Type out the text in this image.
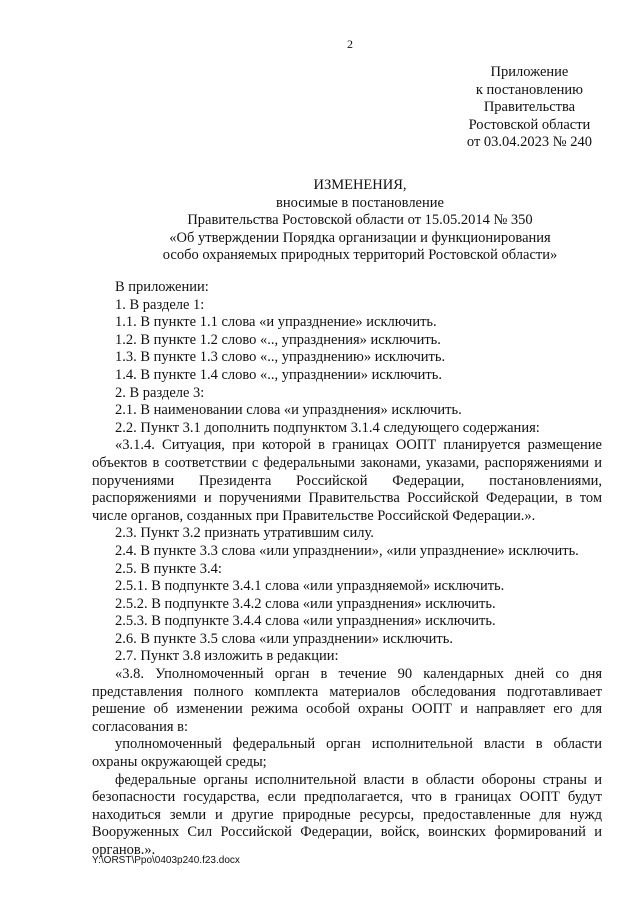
2
Приложение
к постановлению
Правительства
Ростовской области
от 03.04.2023 № 240
ИЗМЕНЕНИЯ,
вносимые в постановление
Правительства Ростовской области от 15.05.2014 № 350
«Об утверждении Порядка организации и функционирования
особо охраняемых природных территорий Ростовской области»

В приложении:

1. В разделе 1:

1.1. В пункте 1.1 слова «и упразднение» исключить.

1.2. В пункте 1.2 слово «.., упразднения» исключить.

1.3. В пункте 1.3 слово «.., упразднению» исключить.

1.4. В пункте 1.4 слово «.., упразднении» исключить.

2. В разделе 3:

2.1. В наименовании слова «и упразднения» исключить.

2.2. Пункт 3.1 дополнить подпунктом 3.1.4 следующего содержания:

«3.1.4. Ситуация, при которой в границах ООПТ планируется размещение объектов в соответствии с федеральными законами, указами, распоряжениями и поручениями Президента Российской Федерации, постановлениями, распоряжениями и поручениями Правительства Российской Федерации, в том числе органов, созданных при Правительстве Российской Федерации.».

2.3. Пункт 3.2 признать утратившим силу.

2.4. В пункте 3.3 слова «или упразднении», «или упразднение» исключить.

2.5. В пункте 3.4:

2.5.1. В подпункте 3.4.1 слова «или упраздняемой» исключить.

2.5.2. В подпункте 3.4.2 слова «или упразднения» исключить.

2.5.3. В подпункте 3.4.4 слова «или упразднения» исключить.

2.6. В пункте 3.5 слова «или упразднении» исключить.

2.7. Пункт 3.8 изложить в редакции:

«3.8. Уполномоченный орган в течение 90 календарных дней со дня представления полного комплекта материалов обследования подготавливает решение об изменении режима особой охраны ООПТ и направляет его для согласования в:

уполномоченный федеральный орган исполнительной власти в области охраны окружающей среды;

федеральные органы исполнительной власти в области обороны страны и безопасности государства, если предполагается, что в границах ООПТ будут находиться земли и другие природные ресурсы, предоставленные для нужд Вооруженных Сил Российской Федерации, войск, воинских формирований и органов.».

Y:\ORST\Ppo\0403p240.f23.docx
